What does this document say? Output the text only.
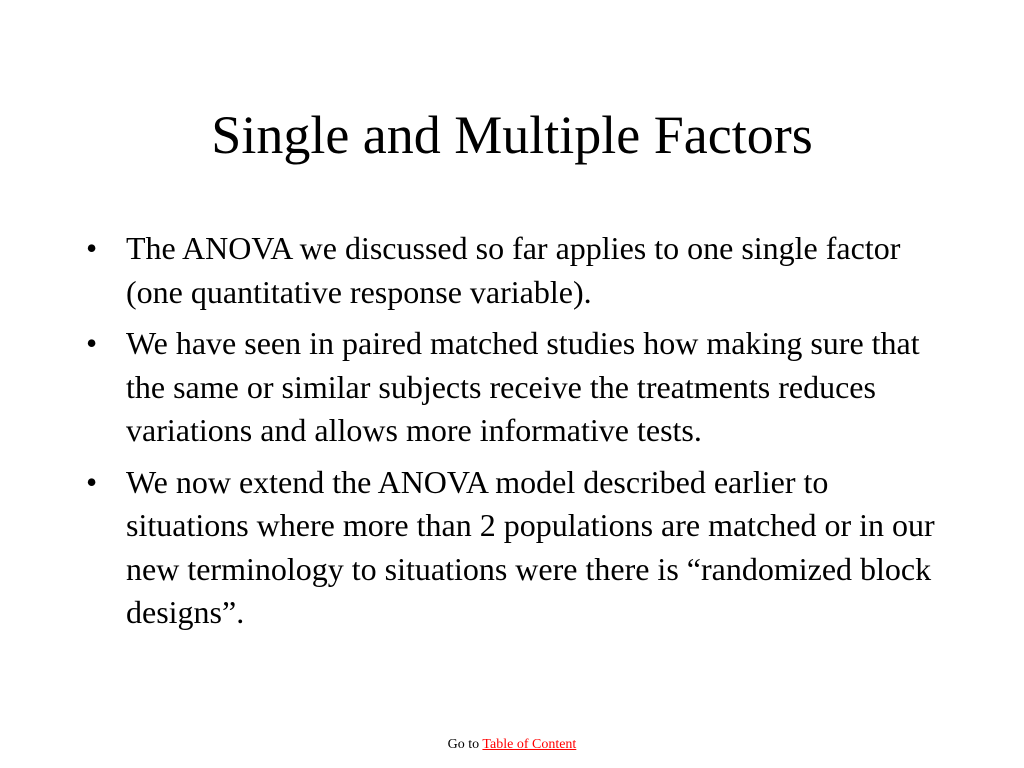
Single and Multiple Factors
• The ANOVA we discussed so far applies to one single factor (one quantitative response variable).
• We have seen in paired matched studies how making sure that the same or similar subjects receive the treatments reduces variations and allows more informative tests.
• We now extend the ANOVA model described earlier to situations where more than 2 populations are matched or in our new terminology to situations were there is “randomized block designs”.
Go to Table of Content
